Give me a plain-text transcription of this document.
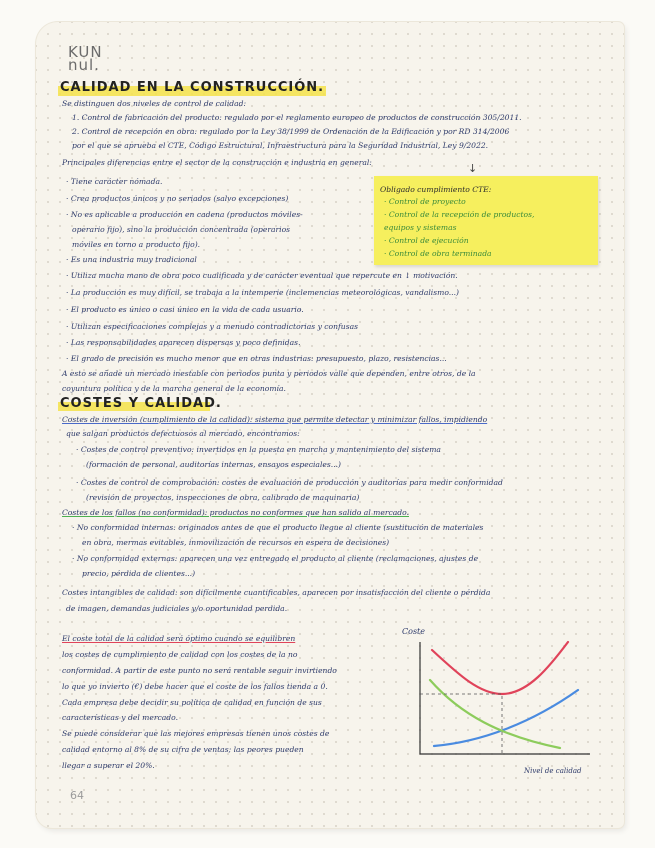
KUN
nul.
CALIDAD EN LA CONSTRUCCIÓN.
Se distinguen dos niveles de control de calidad:
1. Control de fabricación del producto: regulado por el reglamento europeo de productos de construcción 305/2011.
2. Control de recepción en obra: regulado por la Ley 38/1999 de Ordenación de la Edificación y por RD 314/2006
por el que se aprueba el CTE, Código Estructural, Infraestructura para la Seguridad Industrial, Ley 9/2022.
Principales diferencias entre el sector de la construcción e industria en general:	↓
· Tiene carácter nómada.
· Crea productos únicos y no seriados (salvo excepciones)
· No es aplicable a producción en cadena (productos móviles-
operario fijo), sino la producción concentrada (operarios
móviles en torno a producto fijo).
· Es una industria muy tradicional
Obligado cumplimiento CTE:
· Control de proyecto
· Control de la recepción de productos,
equipos y sistemas
· Control de ejecución
· Control de obra terminada
· Utiliza mucha mano de obra poco cualificada y de carácter eventual que repercute en ↓ motivación.
· La producción es muy difícil, se trabaja a la intemperie (inclemencias meteorológicas, vandalismo...)
· El producto es único o casi único en la vida de cada usuario.
· Utilizan especificaciones complejas y a menudo contradictorias y confusas
· Las responsabilidades aparecen dispersas y poco definidas.
· El grado de precisión es mucho menor que en otras industrias: presupuesto, plazo, resistencias...
A esto se añade un mercado inestable con periodos punta y periodos valle que dependen, entre otros, de la
coyuntura política y de la marcha general de la economía.
COSTES Y CALIDAD.
Costes de inversión (cumplimiento de la calidad): sistema que permite detectar y minimizar fallos, impidiendo
que salgan productos defectuosos al mercado, encontramos:
· Costes de control preventivo: invertidos en la puesta en marcha y mantenimiento del sistema
(formación de personal, auditorías internas, ensayos especiales...)
· Costes de control de comprobación: costes de evaluación de producción y auditorías para medir conformidad
(revisión de proyectos, inspecciones de obra, calibrado de maquinaria)
Costes de los fallos (no conformidad): productos no conformes que han salido al mercado.
· No conformidad internas: originados antes de que el producto llegue al cliente (sustitución de materiales
en obra, mermas evitables, inmovilización de recursos en espera de decisiones)
· No conformidad externas: aparecen una vez entregado el producto al cliente (reclamaciones, ajustes de
precio, pérdida de clientes...)
Costes intangibles de calidad: son difícilmente cuantificables, aparecen por insatisfacción del cliente o pérdida
de imagen, demandas judiciales y/o oportunidad perdida.
El coste total de la calidad será óptimo cuando se equilibren
los costes de cumplimiento de calidad con los costes de la no
conformidad. A partir de este punto no será rentable seguir invirtiendo
lo que yo invierto (€) debe hacer que el coste de los fallos tienda a 0.
Cada empresa debe decidir su política de calidad en función de sus
características y del mercado.
Se puede considerar que las mejores empresas tienen unos costes de
calidad entorno al 8% de su cifra de ventas; las peores pueden
llegar a superar el 20%.
Coste
Nivel de calidad
64
